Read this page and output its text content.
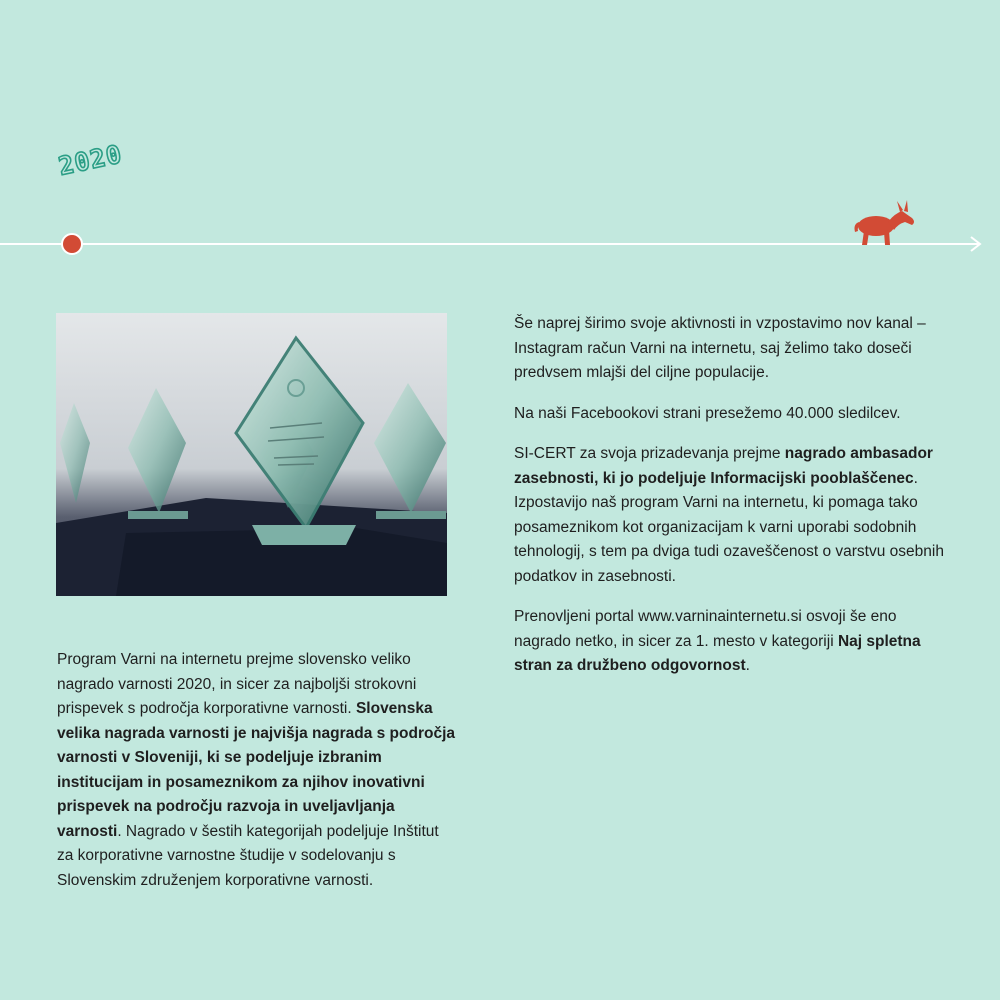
2020

Program Varni na internetu prejme slovensko veliko nagrado varnosti 2020, in sicer za najboljši strokovni prispevek s področja korporativne varnosti. Slovenska velika nagrada varnosti je najvišja nagrada s področja varnosti v Sloveniji, ki se podeljuje izbranim institucijam in posameznikom za njihov inovativni prispevek na področju razvoja in uveljavljanja varnosti. Nagrado v šestih kategorijah podeljuje Inštitut za korporativne varnostne študije v sodelovanju s Slovenskim združenjem korporativne varnosti.

Še naprej širimo svoje aktivnosti in vzpostavimo nov kanal – Instagram račun Varni na internetu, saj želimo tako doseči predvsem mlajši del ciljne populacije.

Na naši Facebookovi strani presežemo 40.000 sledilcev.

SI-CERT za svoja prizadevanja prejme nagrado ambasador zasebnosti, ki jo podeljuje Informacijski pooblaščenec. Izpostavijo naš program Varni na internetu, ki pomaga tako posameznikom kot organizacijam k varni uporabi sodobnih tehnologij, s tem pa dviga tudi ozaveščenost o varstvu osebnih podatkov in zasebnosti.

Prenovljeni portal www.varninainternetu.si osvoji še eno nagrado netko, in sicer za 1. mesto v kategoriji Naj spletna stran za družbeno odgovornost.
